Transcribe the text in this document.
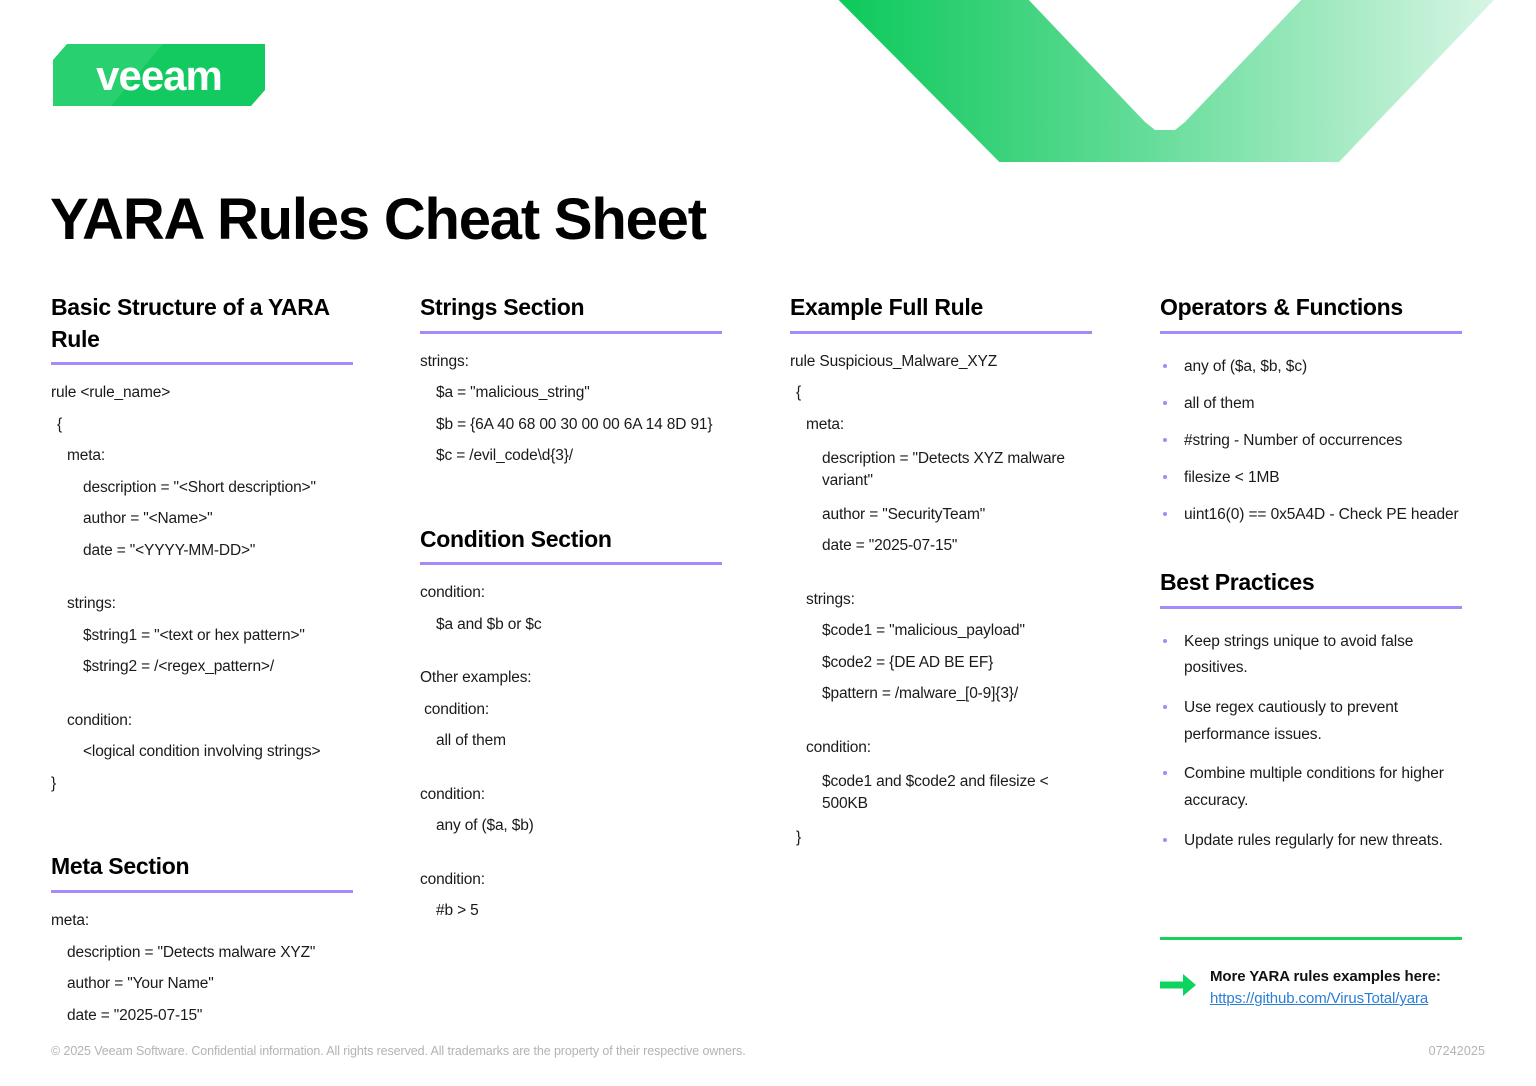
veeam
YARA Rules Cheat Sheet
Basic Structure of a YARA Rule
rule <rule_name>
{
meta:
description = "<Short description>"
author = "<Name>"
date = "<YYYY-MM-DD>"
strings:
$string1 = "<text or hex pattern>"
$string2 = /<regex_pattern>/
condition:
<logical condition involving strings>
}
Meta Section
meta:
description = "Detects malware XYZ"
author = "Your Name"
date = "2025-07-15"
Strings Section
strings:
$a = "malicious_string"
$b = {6A 40 68 00 30 00 00 6A 14 8D 91}
$c = /evil_code\d{3}/
Condition Section
condition:
$a and $b or $c
Other examples:
condition:
all of them
condition:
any of ($a, $b)
condition:
#b > 5
Example Full Rule
rule Suspicious_Malware_XYZ
{
meta:
description = "Detects XYZ malware variant"
author = "SecurityTeam"
date = "2025-07-15"
strings:
$code1 = "malicious_payload"
$code2 = {DE AD BE EF}
$pattern = /malware_[0-9]{3}/
condition:
$code1 and $code2 and filesize < 500KB
}
Operators & Functions
any of ($a, $b, $c)
all of them
#string - Number of occurrences
filesize < 1MB
uint16(0) == 0x5A4D - Check PE header
Best Practices
Keep strings unique to avoid false positives.
Use regex cautiously to prevent performance issues.
Combine multiple conditions for higher accuracy.
Update rules regularly for new threats.
More YARA rules examples here:
https://github.com/VirusTotal/yara
© 2025 Veeam Software. Confidential information. All rights reserved. All trademarks are the property of their respective owners.	07242025
